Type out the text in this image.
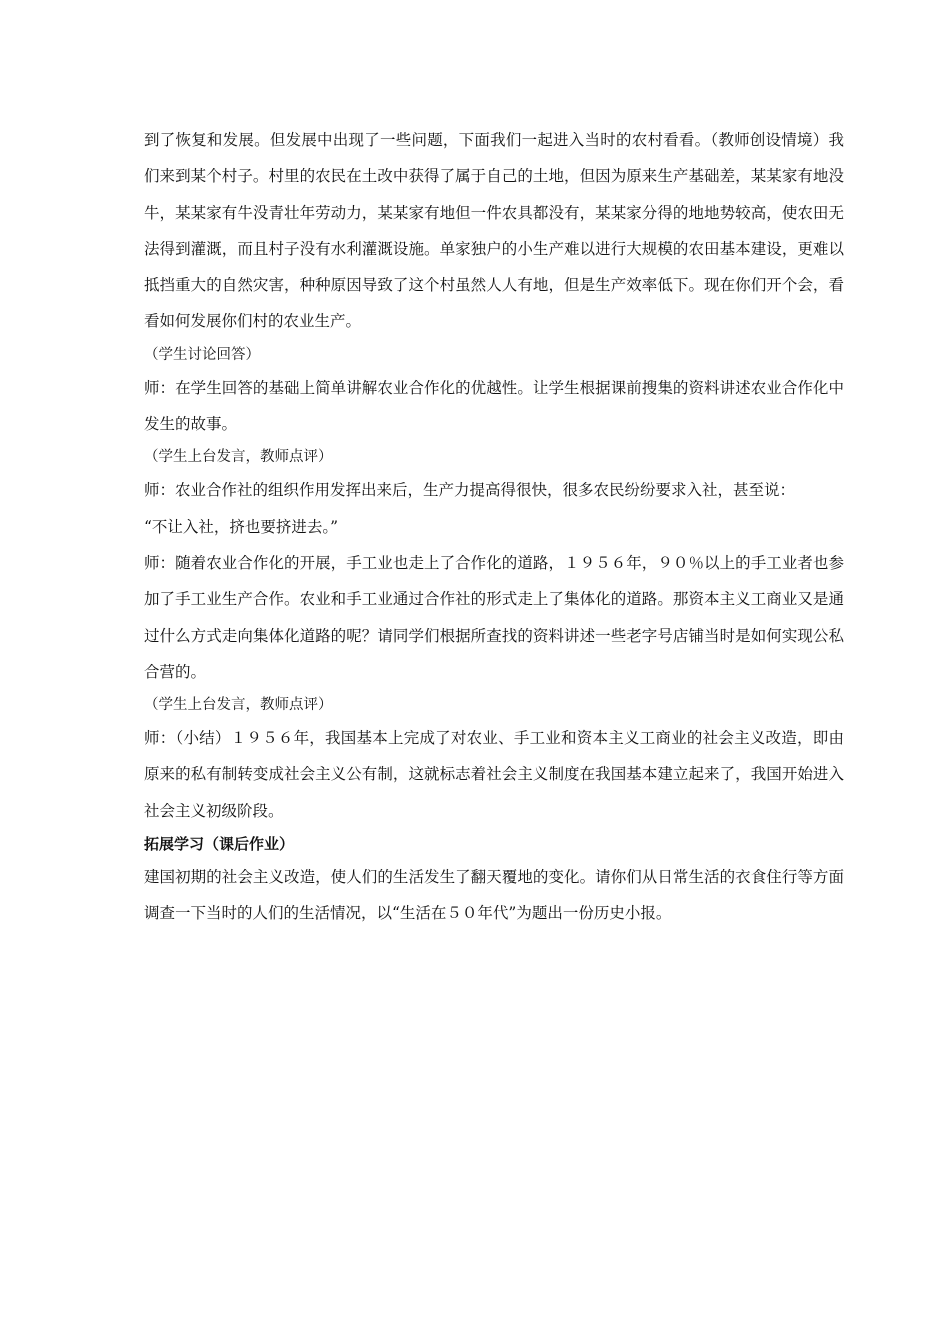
到了恢复和发展。但发展中出现了一些问题，下面我们一起进入当时的农村看看。（教师创设情境）我们来到某个村子。村里的农民在土改中获得了属于自己的土地，但因为原来生产基础差，某某家有地没牛，某某家有牛没青壮年劳动力，某某家有地但一件农具都没有，某某家分得的地地势较高，使农田无法得到灌溉，而且村子没有水利灌溉设施。单家独户的小生产难以进行大规模的农田基本建设，更难以抵挡重大的自然灾害，种种原因导致了这个村虽然人人有地，但是生产效率低下。现在你们开个会，看看如何发展你们村的农业生产。

（学生讨论回答）

师：在学生回答的基础上简单讲解农业合作化的优越性。让学生根据课前搜集的资料讲述农业合作化中发生的故事。

（学生上台发言，教师点评）

师：农业合作社的组织作用发挥出来后，生产力提高得很快，很多农民纷纷要求入社，甚至说：

“不让入社，挤也要挤进去。”

师：随着农业合作化的开展，手工业也走上了合作化的道路，１９５６年，９０％以上的手工业者也参加了手工业生产合作。农业和手工业通过合作社的形式走上了集体化的道路。那资本主义工商业又是通过什么方式走向集体化道路的呢？请同学们根据所查找的资料讲述一些老字号店铺当时是如何实现公私合营的。

（学生上台发言，教师点评）

师：（小结）１９５６年，我国基本上完成了对农业、手工业和资本主义工商业的社会主义改造，即由原来的私有制转变成社会主义公有制，这就标志着社会主义制度在我国基本建立起来了，我国开始进入社会主义初级阶段。

拓展学习（课后作业）

建国初期的社会主义改造，使人们的生活发生了翻天覆地的变化。请你们从日常生活的衣食住行等方面调查一下当时的人们的生活情况，以“生活在５０年代”为题出一份历史小报。
